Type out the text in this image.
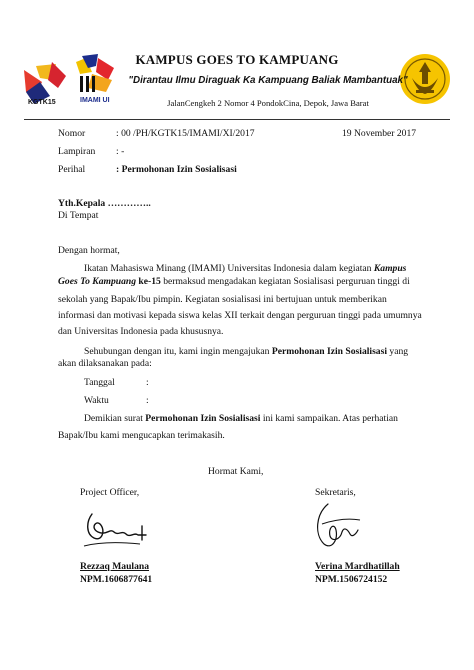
KGTK15	IMAMI UI
KAMPUS GOES TO KAMPUANG
"Dirantau Ilmu Diraguak Ka Kampuang Baliak Mambantuak"
JalanCengkeh 2 Nomor 4 PondokCina, Depok, Jawa Barat
Nomor	: 00 /PH/KGTK15/IMAMI/XI/2017	19 November 2017
Lampiran : -
Perihal	: Permohonan Izin Sosialisasi
Yth.Kepala …………..
Di Tempat
Dengan hormat,
Ikatan Mahasiswa Minang (IMAMI) Universitas Indonesia dalam kegiatan Kampus
Goes To Kampuang ke-15 bermaksud mengadakan kegiatan Sosialisasi perguruan tinggi di
sekolah yang Bapak/Ibu pimpin. Kegiatan sosialisasi ini bertujuan untuk memberikan
informasi dan motivasi kepada siswa kelas XII terkait dengan perguruan tinggi pada umumnya
dan Universitas Indonesia pada khususnya.
Sehubungan dengan itu, kami ingin mengajukan Permohonan Izin Sosialisasi yang
akan dilaksanakan pada:
Tanggal	:
Waktu	:
Demikian surat Permohonan Izin Sosialisasi ini kami sampaikan. Atas perhatian
Bapak/Ibu kami mengucapkan terimakasih.
Hormat Kami,
Project Officer,	Sekretaris,
Rezzaq Maulana
NPM.1606877641
Verina Mardhatillah
NPM.1506724152
